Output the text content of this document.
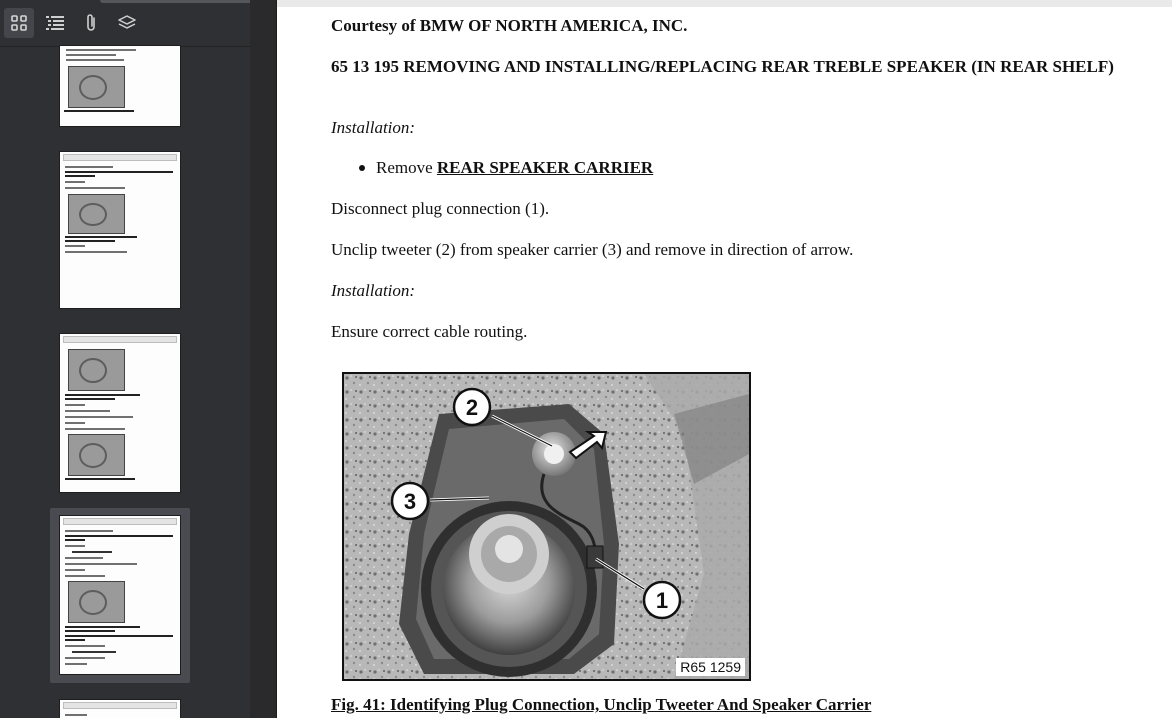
Courtesy of BMW OF NORTH AMERICA, INC.
65 13 195 REMOVING AND INSTALLING/REPLACING REAR TREBLE SPEAKER (IN REAR SHELF)
Installation:
Remove REAR SPEAKER CARRIER
Disconnect plug connection (1).
Unclip tweeter (2) from speaker carrier (3) and remove in direction of arrow.
Installation:
Ensure correct cable routing.
2
3
1
R65 1259
Fig. 41: Identifying Plug Connection, Unclip Tweeter And Speaker Carrier
